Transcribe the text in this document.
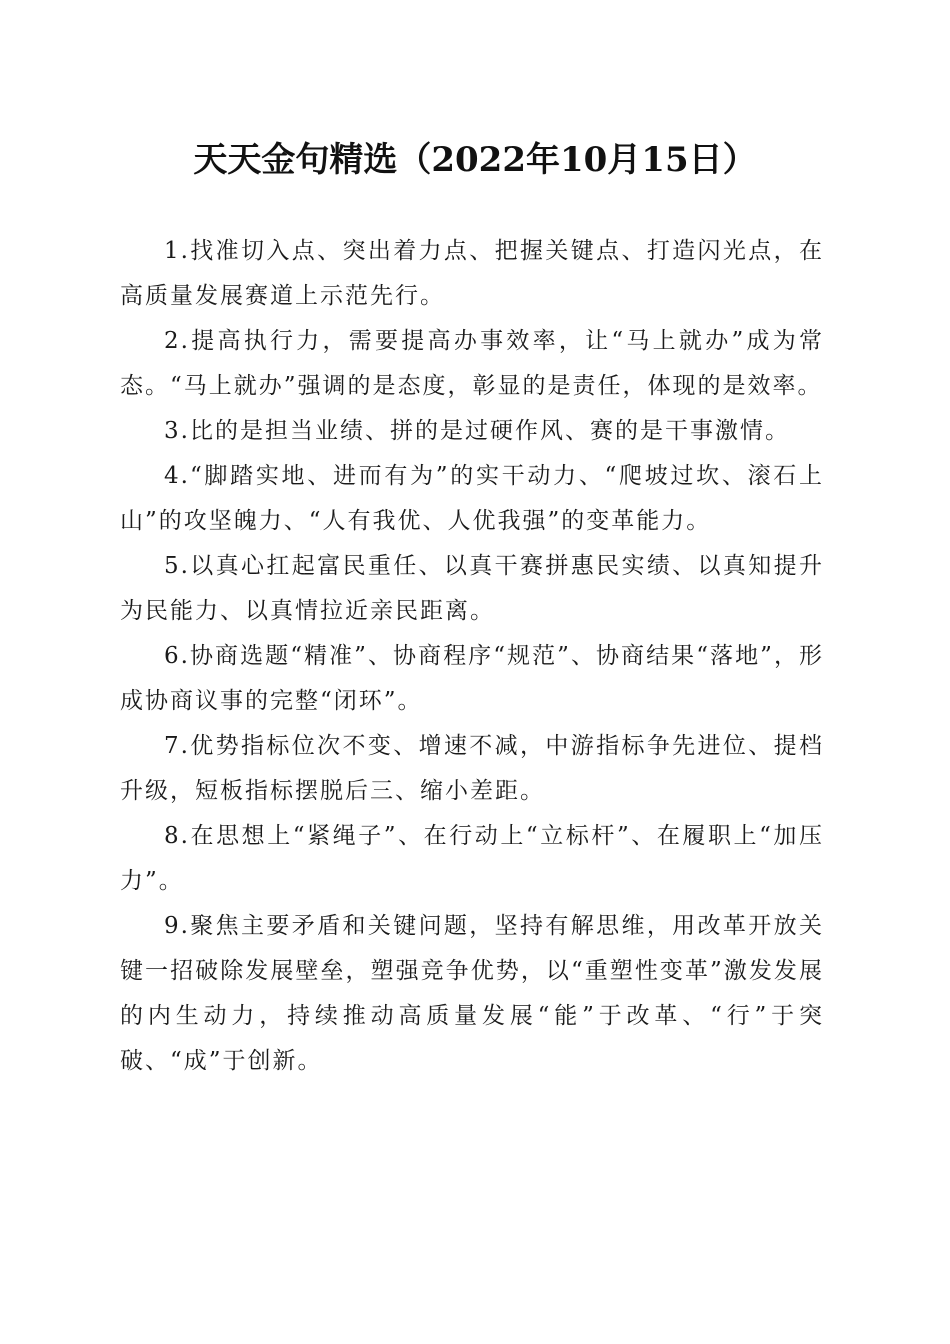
天天金句精选（2022年10月15日）

1.找准切入点、突出着力点、把握关键点、打造闪光点，在高质量发展赛道上示范先行。

2.提高执行力，需要提高办事效率，让“马上就办”成为常态。“马上就办”强调的是态度，彰显的是责任，体现的是效率。

3.比的是担当业绩、拼的是过硬作风、赛的是干事激情。

4.“脚踏实地、进而有为”的实干动力、“爬坡过坎、滚石上山”的攻坚魄力、“人有我优、人优我强”的变革能力。

5.以真心扛起富民重任、以真干赛拼惠民实绩、以真知提升为民能力、以真情拉近亲民距离。

6.协商选题“精准”、协商程序“规范”、协商结果“落地”，形成协商议事的完整“闭环”。

7.优势指标位次不变、增速不减，中游指标争先进位、提档升级，短板指标摆脱后三、缩小差距。

8.在思想上“紧绳子”、在行动上“立标杆”、在履职上“加压力”。

9.聚焦主要矛盾和关键问题，坚持有解思维，用改革开放关键一招破除发展壁垒，塑强竞争优势，以“重塑性变革”激发发展的内生动力，持续推动高质量发展“能”于改革、“行”于突破、“成”于创新。
